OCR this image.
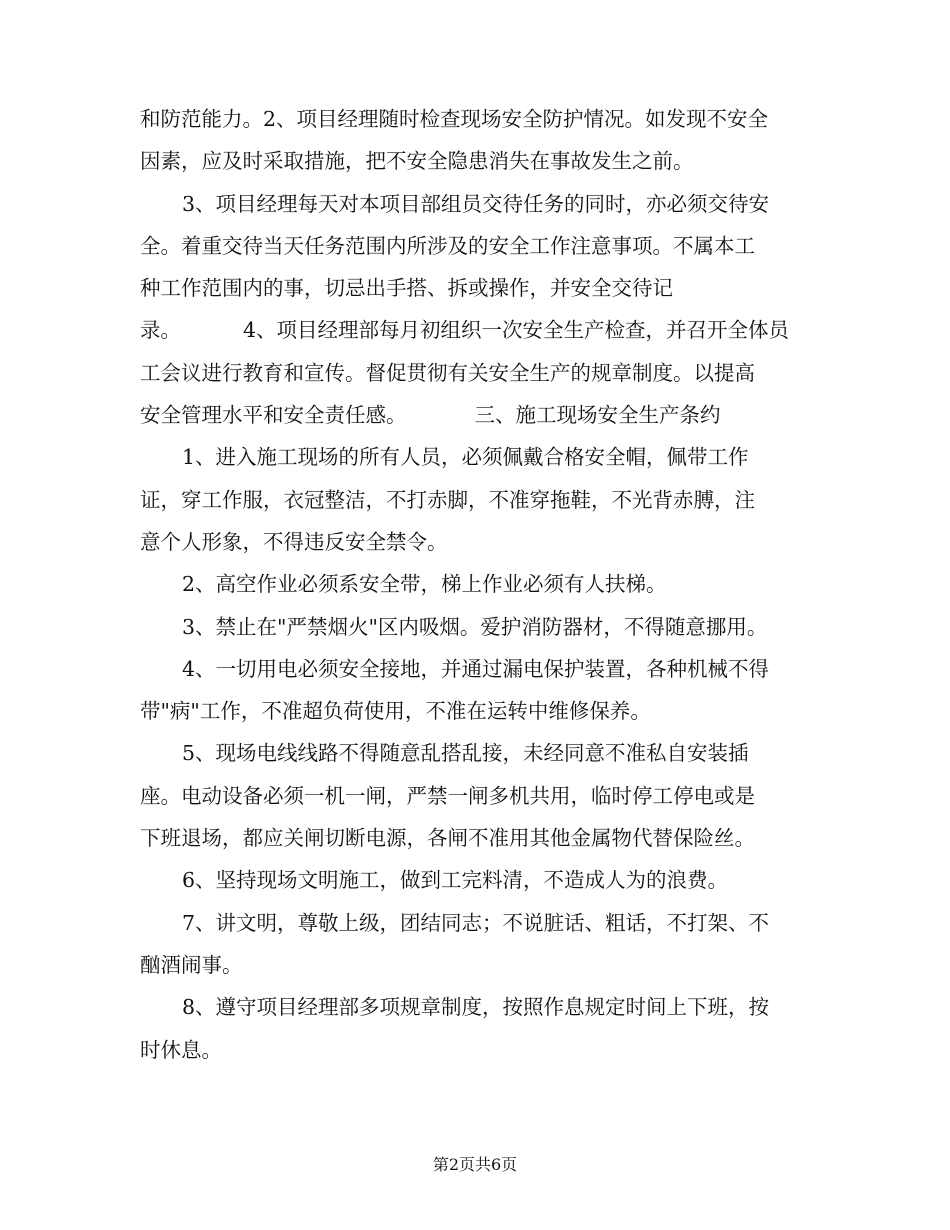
和防范能力。2、项目经理随时检查现场安全防护情况。如发现不安全
因素，应及时采取措施，把不安全隐患消失在事故发生之前。
3、项目经理每天对本项目部组员交待任务的同时，亦必须交待安
全。着重交待当天任务范围内所涉及的安全工作注意事项。不属本工
种工作范围内的事，切忌出手搭、拆或操作，并安全交待记
录。	4、项目经理部每月初组织一次安全生产检查，并召开全体员
工会议进行教育和宣传。督促贯彻有关安全生产的规章制度。以提高
安全管理水平和安全责任感。	三、施工现场安全生产条约
1、进入施工现场的所有人员，必须佩戴合格安全帽，佩带工作
证，穿工作服，衣冠整洁，不打赤脚，不准穿拖鞋，不光背赤膊，注
意个人形象，不得违反安全禁令。
2、高空作业必须系安全带，梯上作业必须有人扶梯。
3、禁止在"严禁烟火"区内吸烟。爱护消防器材，不得随意挪用。
4、一切用电必须安全接地，并通过漏电保护装置，各种机械不得
带"病"工作，不准超负荷使用，不准在运转中维修保养。
5、现场电线线路不得随意乱搭乱接，未经同意不准私自安装插
座。电动设备必须一机一闸，严禁一闸多机共用，临时停工停电或是
下班退场，都应关闸切断电源，各闸不准用其他金属物代替保险丝。
6、坚持现场文明施工，做到工完料清，不造成人为的浪费。
7、讲文明，尊敬上级，团结同志；不说脏话、粗话，不打架、不
酗酒闹事。
8、遵守项目经理部多项规章制度，按照作息规定时间上下班，按
时休息。
第2页共6页
